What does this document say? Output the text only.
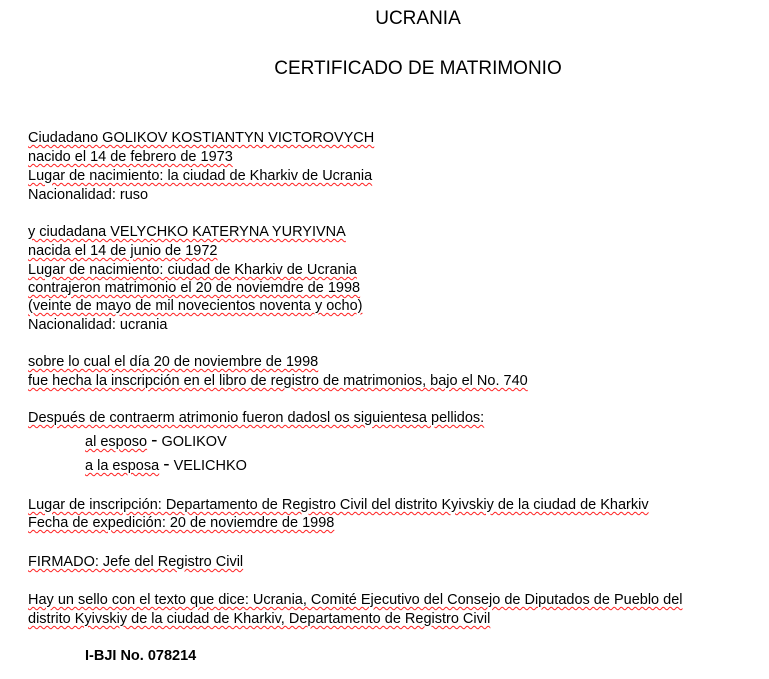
UCRANIA
CERTIFICADO DE MATRIMONIO
Ciudadano GOLIKOV KOSTIANTYN VICTOROVYCH
nacido el 14 de febrero de 1973
Lugar de nacimiento: la ciudad de Kharkiv de Ucrania
Nacionalidad: ruso
y ciudadana VELYCHKO KATERYNA YURYIVNA
nacida el 14 de junio de 1972
Lugar de nacimiento: ciudad de Kharkiv de Ucrania
contrajeron matrimonio el 20 de noviemdre de 1998
(veinte de mayo de mil novecientos noventa y ocho)
Nacionalidad: ucrania
sobre lo cual el día 20 de noviembre de 1998
fue hecha la inscripción en el libro de registro de matrimonios, bajo el No. 740
Después de contraerm atrimonio fueron dadosl os siguientesa pellidos:
al esposo - GOLIKOV
a la esposa - VELICHKO
Lugar de inscripción: Departamento de Registro Civil del distrito Kyivskiy de la ciudad de Kharkiv
Fecha de expedición: 20 de noviemdre de 1998
FIRMADO: Jefe del Registro Civil
Hay un sello con el texto que dice: Ucrania, Comité Ejecutivo del Consejo de Diputados de Pueblo del
distrito Kyivskiy de la ciudad de Kharkiv, Departamento de Registro Civil
I-BJI No. 078214
